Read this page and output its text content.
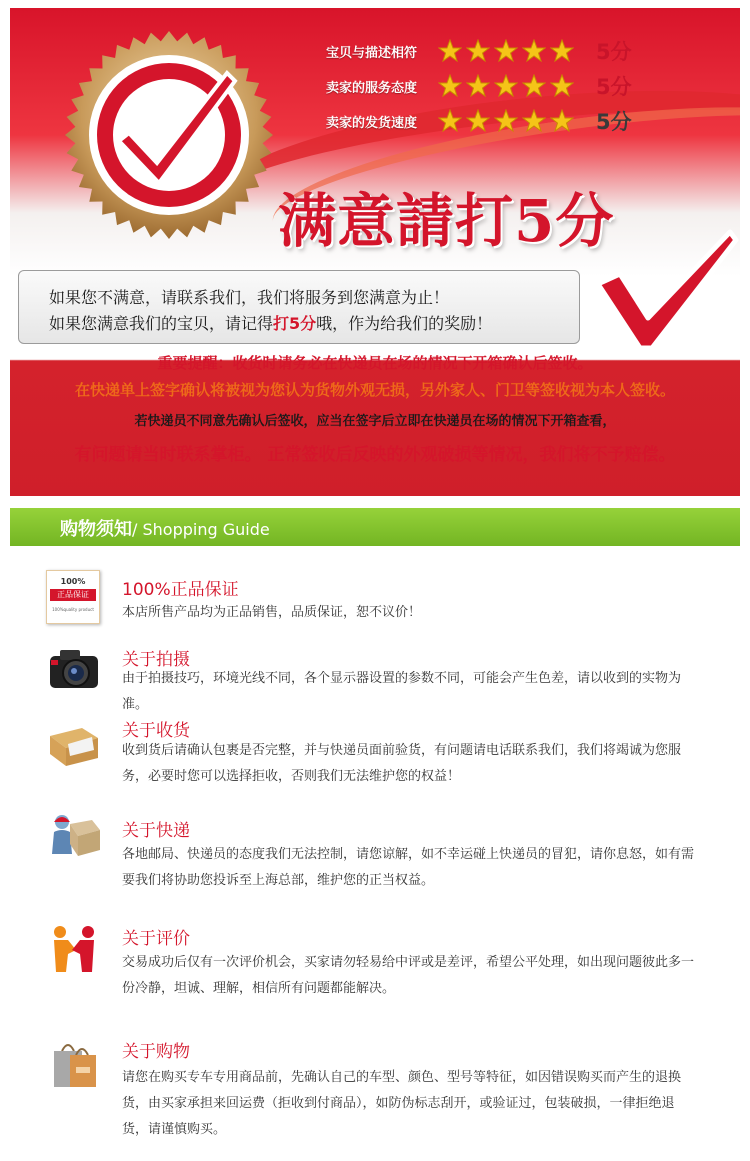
宝贝与描述相符	5分
卖家的服务态度	5分
卖家的发货速度	5分
满意請打5分
如果您不满意，请联系我们，我们将服务到您满意为止！
如果您满意我们的宝贝，请记得打5分哦，作为给我们的奖励！
重要提醒：收货时请务必在快递员在场的情况下开箱确认后签收。
在快递单上签字确认将被视为您认为货物外观无损，另外家人、门卫等签收视为本人签收。
若快递员不同意先确认后签收，应当在签字后立即在快递员在场的情况下开箱查看，
有问题请当时联系掌柜。 正常签收后反映的外观破损等情况，我们将不予赔偿。
购物须知/ Shopping Guide
100%
正品保证
100%quality product
100%正品保证
本店所售产品均为正品销售，品质保证，恕不议价！
关于拍摄
由于拍摄技巧，环境光线不同，各个显示器设置的参数不同，可能会产生色差，请以收到的实物为准。
关于收货
收到货后请确认包裹是否完整，并与快递员面前验货，有问题请电话联系我们，我们将竭诚为您服务，必要时您可以选择拒收，否则我们无法维护您的权益！
关于快递
各地邮局、快递员的态度我们无法控制，请您谅解，如不幸运碰上快递员的冒犯，请你息怒，如有需要我们将协助您投诉至上海总部，维护您的正当权益。
关于评价
交易成功后仅有一次评价机会，买家请勿轻易给中评或是差评，希望公平处理，如出现问题彼此多一份冷静，坦诚、理解，相信所有问题都能解决。
关于购物
请您在购买专车专用商品前，先确认自己的车型、颜色、型号等特征，如因错误购买而产生的退换货，由买家承担来回运费（拒收到付商品），如防伪标志刮开，或验证过，包装破损，一律拒绝退货，请谨慎购买。
